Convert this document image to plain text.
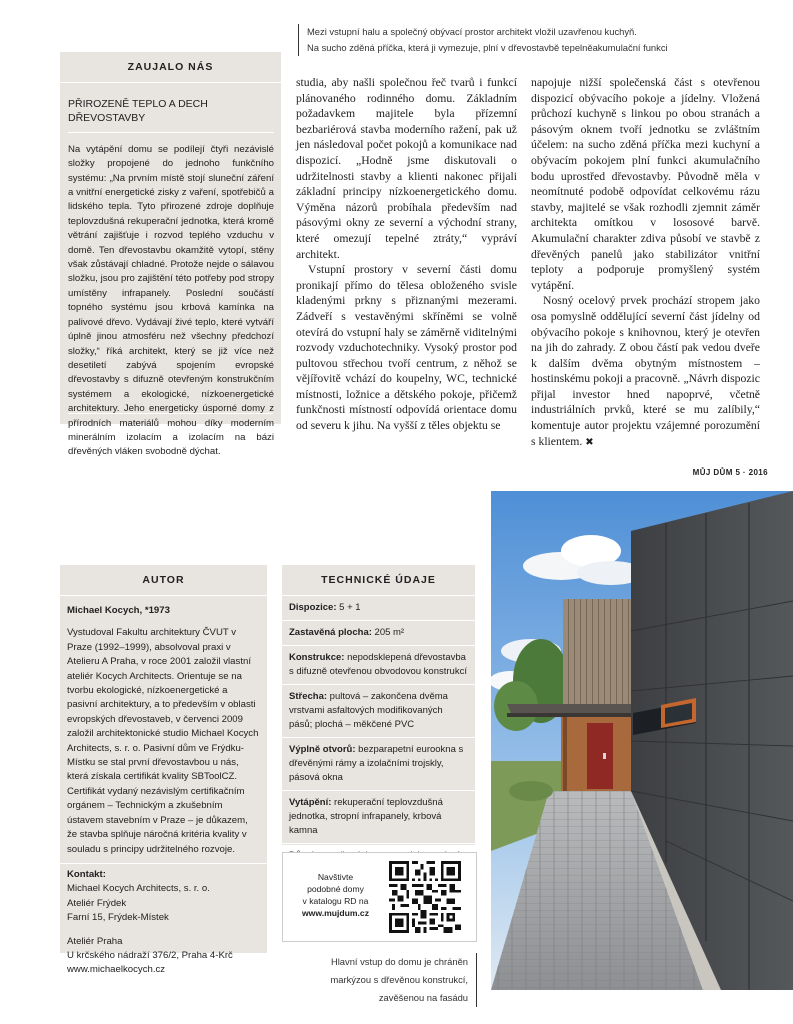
Mezi vstupní halu a společný obývací prostor architekt vložil uzavřenou kuchyň.

Na sucho zděná příčka, která ji vymezuje, plní v dřevostavbě tepelněakumulační funkci

ZAUJALO NÁS
PŘIROZENĚ TEPLO A DECH DŘEVOSTAVBY
Na vytápění domu se podílejí čtyři nezávislé složky propojené do jednoho funkčního systému: „Na prvním místě stojí sluneční záření a vnitřní energetické zisky z vaření, spotřebičů a lidského tepla. Tyto přirozené zdroje doplňuje teplovzdušná rekuperační jednotka, která kromě větrání zajišťuje i rozvod teplého vzduchu v domě. Ten dřevostavbu okamžitě vytopí, stěny však zůstávají chladné. Protože nejde o sálavou složku, jsou pro zajištění této potřeby pod stropy umístěny infrapanely. Poslední součástí topného systému jsou krbová kamínka na palivové dřevo. Vydávají živé teplo, které vytváří úplně jinou atmosféru než všechny předchozí složky,“ říká architekt, který se již více než desetiletí zabývá spojením evropské dřevostavby s difuzně otevřeným konstrukčním systémem a ekologické, nízkoenergetické architektury. Jeho energeticky úsporné domy z přírodních materiálů mohou díky moderním minerálním izolacím a izolacím na bázi dřevěných vláken svobodně dýchat.

studia, aby našli společnou řeč tvarů i funkcí plánovaného rodinného domu. Základním požadavkem majitele byla přízemní bezbariérová stavba moderního ražení, pak už jen následoval počet pokojů a komunikace nad dispozicí. „Hodně jsme diskutovali o udržitelnosti stavby a klienti nakonec přijali základní principy nízkoenergetického domu. Výměna názorů probíhala především nad pásovými okny ze severní a východní strany, které omezují tepelné ztráty,“ vypráví architekt.

Vstupní prostory v severní části domu pronikají přímo do tělesa obloženého svisle kladenými prkny s přiznanými mezerami. Zádveří s vestavěnými skříněmi se volně otevírá do vstupní haly se záměrně viditelnými rozvody vzduchotechniky. Vysoký prostor pod pultovou střechou tvoří centrum, z něhož se vějířovitě vchází do koupelny, WC, technické místnosti, ložnice a dětského pokoje, přičemž funkčnosti místností odpovídá orientace domu od severu k jihu. Na vyšší z těles objektu se

napojuje nižší společenská část s otevřenou dispozicí obývacího pokoje a jídelny. Vložená průchozí kuchyně s linkou po obou stranách a pásovým oknem tvoří jednotku se zvláštním účelem: na sucho zděná příčka mezi kuchyní a obývacím pokojem plní funkci akumulačního bodu uprostřed dřevostavby. Původně měla v neomítnuté podobě odpovídat celkovému rázu stavby, majitelé se však rozhodli zjemnit záměr architekta omítkou v lososové barvě. Akumulační charakter zdiva působí ve stavbě z dřevěných panelů jako stabilizátor vnitřní teploty a podporuje promyšlený systém vytápění.

Nosný ocelový prvek prochází stropem jako osa pomyslně oddělující severní část jídelny od obývacího pokoje s knihovnou, který je otevřen na jih do zahrady. Z obou částí pak vedou dveře k dalším dvěma obytným místnostem – hostinskému pokoji a pracovně. „Návrh dispozic přijal investor hned napoprvé, včetně industriálních prvků, které se mu zalíbily,“ komentuje autor projektu vzájemné porozumění s klientem. ✖

MŮJ DŮM 5 · 2016
AUTOR

Michael Kocych, *1973

Vystudoval Fakultu architektury ČVUT v Praze (1992–1999), absolvoval praxi v Atelieru A Praha, v roce 2001 založil vlastní ateliér Kocych Architects. Orientuje se na tvorbu ekologické, nízkoenergetické a pasivní architektury, a to především v oblasti evropských dřevostaveb, v červenci 2009 založil architektonické studio Michael Kocych Architects, s. r. o. Pasivní dům ve Frýdku-Místku se stal první dřevostavbou u nás, která získala certifikát kvality SBToolCZ. Certifikát vydaný nezávislým certifikačním orgánem – Technickým a zkušebním ústavem stavebním v Praze – je důkazem, že stavba splňuje náročná kritéria kvality v souladu s principy udržitelného rozvoje.

Kontakt:

Michael Kocych Architects, s. r. o.

Ateliér Frýdek

Farní 15, Frýdek-Místek

Ateliér Praha

U krčského nádraží 376/2, Praha 4-Krč

www.michaelkocych.cz

TECHNICKÉ ÚDAJE
Dispozice: 5 + 1
Zastavěná plocha: 205 m²
Konstrukce: nepodsklepená dřevostavba s difuzně otevřenou obvodovou konstrukcí
Střecha: pultová – zakončena dvěma vrstvami asfaltových modifikovaných pásů; plochá – měkčené PVC
Výplně otvorů: bezparapetní eurookna s dřevěnými rámy a izolačními trojskly, pásová okna
Vytápění: rekuperační teplovzdušná jednotka, stropní infrapanely, krbová kamna
Navštivte
podobné domy
v katalogu RD na
www.mujdum.cz

Hlavní vstup do domu je chráněn

markýzou s dřevěnou konstrukcí,

zavěšenou na fasádu
